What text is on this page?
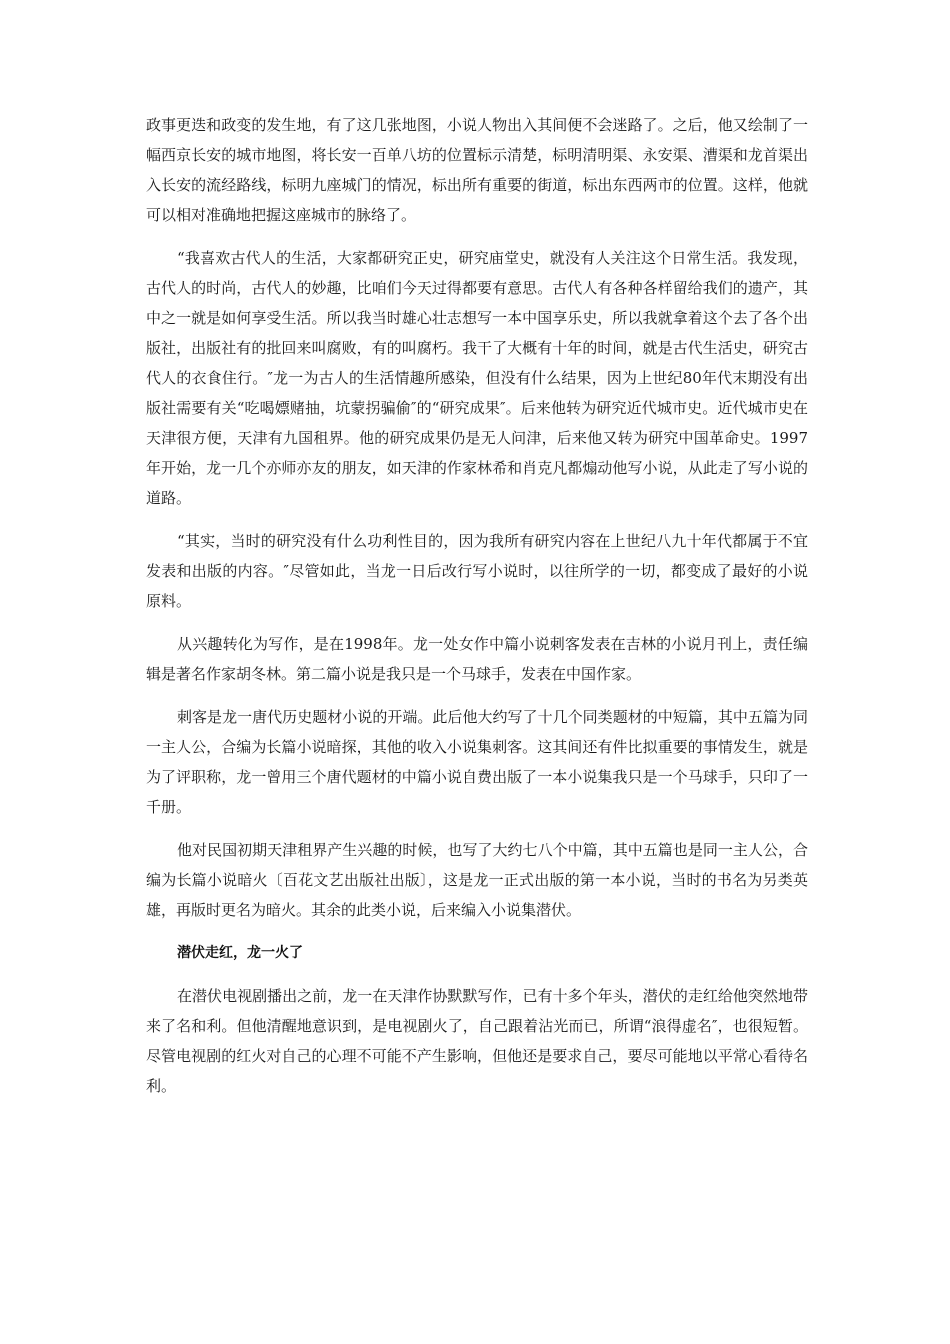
政事更迭和政变的发生地，有了这几张地图，小说人物出入其间便不会迷路了。之后，他又绘制了一幅西京长安的城市地图，将长安一百单八坊的位置标示清楚，标明清明渠、永安渠、漕渠和龙首渠出入长安的流经路线，标明九座城门的情况，标出所有重要的街道，标出东西两市的位置。这样，他就可以相对准确地把握这座城市的脉络了。

“我喜欢古代人的生活，大家都研究正史，研究庙堂史，就没有人关注这个日常生活。我发现，古代人的时尚，古代人的妙趣，比咱们今天过得都要有意思。古代人有各种各样留给我们的遗产，其中之一就是如何享受生活。所以我当时雄心壮志想写一本中国享乐史，所以我就拿着这个去了各个出版社，出版社有的批回来叫腐败，有的叫腐朽。我干了大概有十年的时间，就是古代生活史，研究古代人的衣食住行。″龙一为古人的生活情趣所感染，但没有什么结果，因为上世纪80年代末期没有出版社需要有关“吃喝嫖赌抽，坑蒙拐骗偷″的“研究成果″。后来他转为研究近代城市史。近代城市史在天津很方便，天津有九国租界。他的研究成果仍是无人问津，后来他又转为研究中国革命史。1997年开始，龙一几个亦师亦友的朋友，如天津的作家林希和肖克凡都煽动他写小说，从此走了写小说的道路。

“其实，当时的研究没有什么功利性目的，因为我所有研究内容在上世纪八九十年代都属于不宜发表和出版的内容。″尽管如此，当龙一日后改行写小说时，以往所学的一切，都变成了最好的小说原料。

从兴趣转化为写作，是在1998年。龙一处女作中篇小说刺客发表在吉林的小说月刊上，责任编辑是著名作家胡冬林。第二篇小说是我只是一个马球手，发表在中国作家。

刺客是龙一唐代历史题材小说的开端。此后他大约写了十几个同类题材的中短篇，其中五篇为同一主人公，合编为长篇小说暗探，其他的收入小说集刺客。这其间还有件比拟重要的事情发生，就是为了评职称，龙一曾用三个唐代题材的中篇小说自费出版了一本小说集我只是一个马球手，只印了一千册。

他对民国初期天津租界产生兴趣的时候，也写了大约七八个中篇，其中五篇也是同一主人公，合编为长篇小说暗火〔百花文艺出版社出版〕，这是龙一正式出版的第一本小说，当时的书名为另类英雄，再版时更名为暗火。其余的此类小说，后来编入小说集潜伏。

潜伏走红，龙一火了

在潜伏电视剧播出之前，龙一在天津作协默默写作，已有十多个年头，潜伏的走红给他突然地带来了名和利。但他清醒地意识到，是电视剧火了，自己跟着沾光而已，所谓“浪得虚名″，也很短暂。尽管电视剧的红火对自己的心理不可能不产生影响，但他还是要求自己，要尽可能地以平常心看待名利。
